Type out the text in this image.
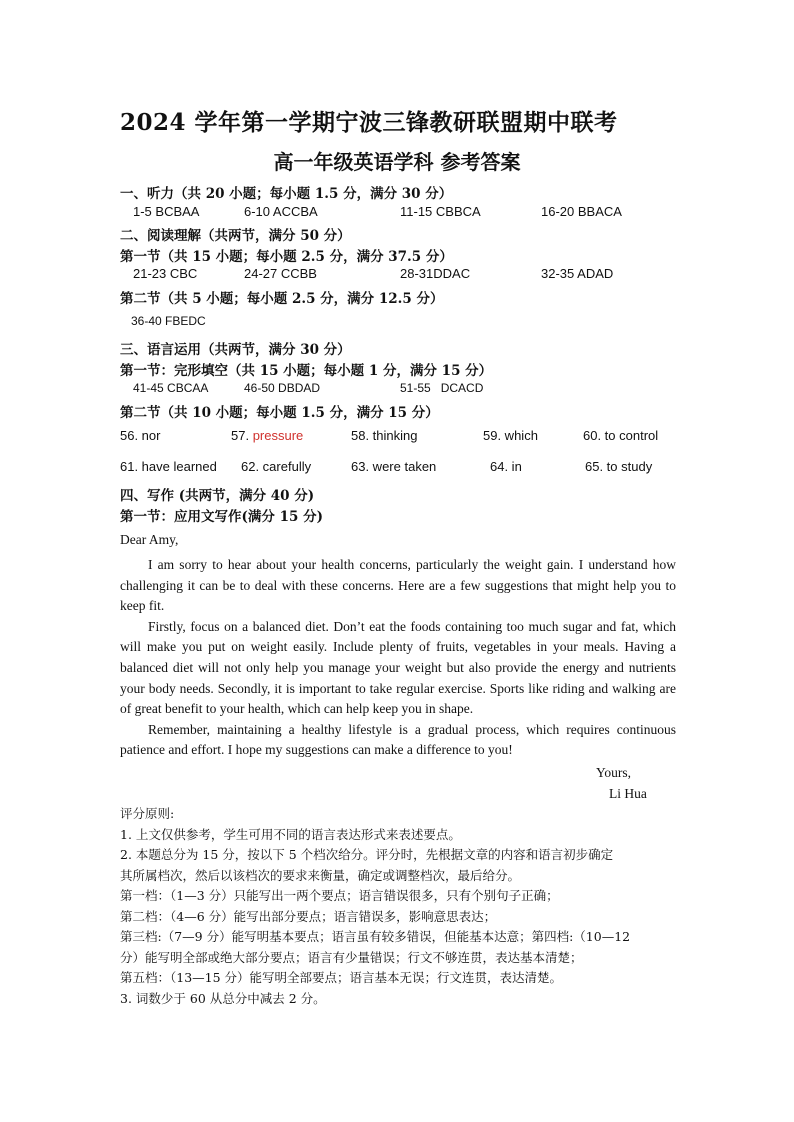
2024 学年第一学期宁波三锋教研联盟期中联考
高一年级英语学科 参考答案
一、听力（共 20 小题；每小题 1.5 分，满分 30 分）
1-5 BCBAA	6-10 ACCBA	11-15 CBBCA	16-20 BBACA
二、阅读理解（共两节，满分 50 分）
第一节（共 15 小题；每小题 2.5 分，满分 37.5 分）
21-23 CBC	24-27 CCBB	28-31DDAC	32-35 ADAD
第二节（共 5 小题；每小题 2.5 分，满分 12.5 分）
36-40 FBEDC
三、语言运用（共两节，满分 30 分）
第一节：完形填空（共 15 小题；每小题 1 分，满分 15 分）
41-45 CBCAA	46-50 DBDAD	51-55   DCACD
第二节（共 10 小题；每小题 1.5 分，满分 15 分）
56. nor	57. pressure	58. thinking	59. which	60. to control
61. have learned 62. carefully	63. were taken	64. in	65. to study
四、写作 (共两节，满分 40 分)
第一节：应用文写作(满分 15 分)
Dear Amy,

I am sorry to hear about your health concerns, particularly the weight gain. I understand how challenging it can be to deal with these concerns. Here are a few suggestions that might help you to keep fit.

Firstly, focus on a balanced diet. Don’t eat the foods containing too much sugar and fat, which will make you put on weight easily. Include plenty of fruits, vegetables in your meals. Having a balanced diet will not only help you manage your weight but also provide the energy and nutrients your body needs. Secondly, it is important to take regular exercise. Sports like riding and walking are of great benefit to your health, which can help keep you in shape.

Remember, maintaining a healthy lifestyle is a gradual process, which requires continuous patience and effort. I hope my suggestions can make a difference to you!

Yours,
Li Hua
评分原则:
1. 上文仅供参考，学生可用不同的语言表达形式来表述要点。
2. 本题总分为 15 分，按以下 5 个档次给分。评分时，先根据文章的内容和语言初步确定
其所属档次，然后以该档次的要求来衡量，确定或调整档次，最后给分。
第一档：（1—3 分）只能写出一两个要点；语言错误很多，只有个别句子正确；
第二档：（4—6 分）能写出部分要点；语言错误多，影响意思表达；
第三档:（7—9 分）能写明基本要点；语言虽有较多错误，但能基本达意；第四档:（10—12
分）能写明全部或绝大部分要点；语言有少量错误；行文不够连贯，表达基本清楚；
第五档：（13—15 分）能写明全部要点；语言基本无误；行文连贯，表达清楚。
3. 词数少于 60 从总分中减去 2 分。
